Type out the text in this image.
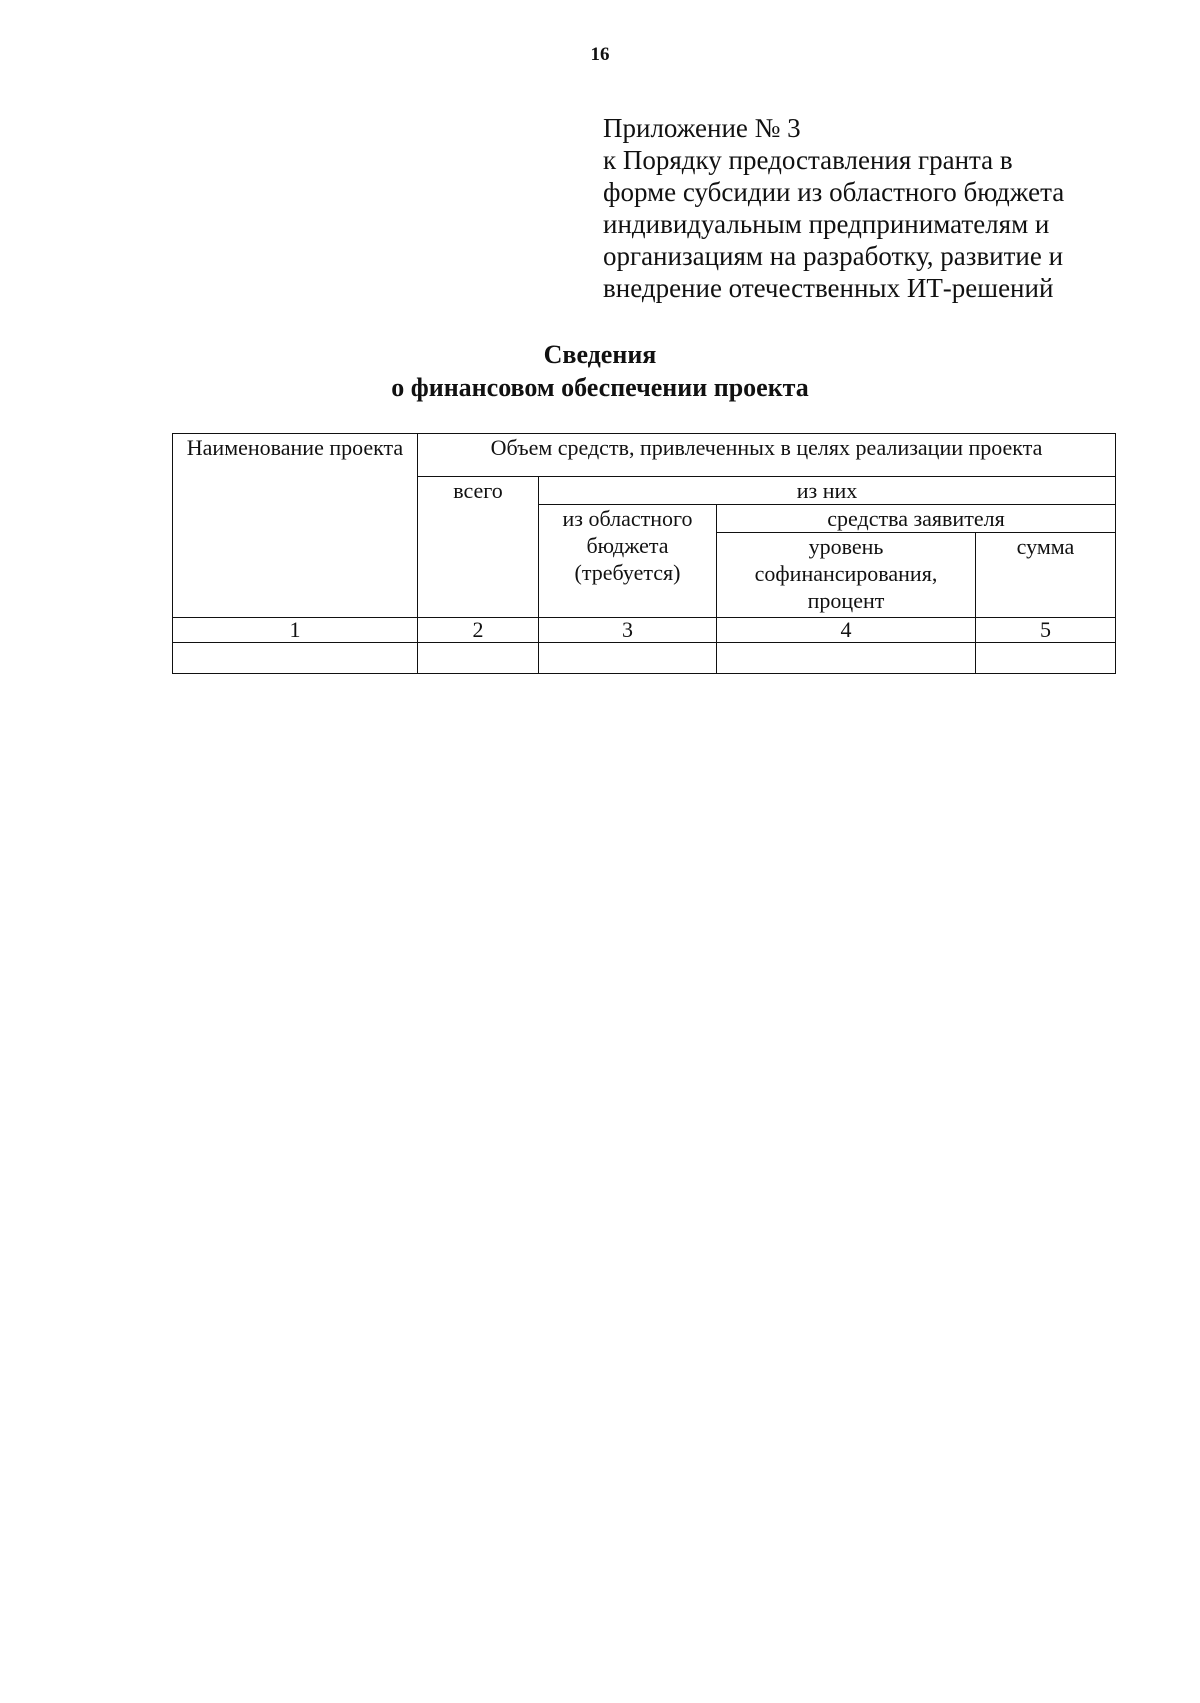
16
Приложение № 3
к Порядку предоставления гранта в
форме субсидии из областного бюджета
индивидуальным предпринимателям и
организациям на разработку, развитие и
внедрение отечественных ИТ-решений
Сведения
о финансовом обеспечении проекта
Наименование проекта	Объем средств, привлеченных в целях реализации проекта			
	всего	из них		
		из областного бюджета (требуется)	средства заявителя	
			уровень софинансирования, процент	сумма

1	2	3	4	5
